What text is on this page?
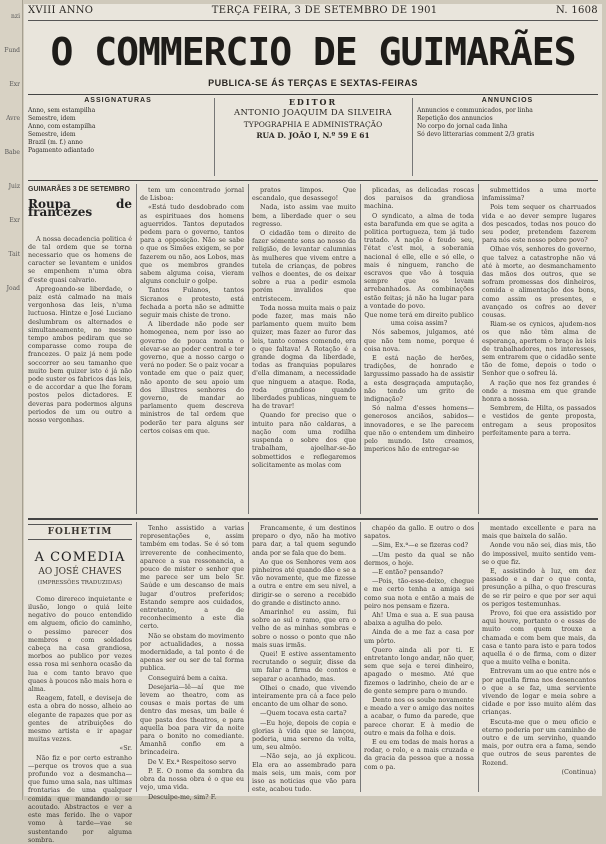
nzi
Fund
Exr
Avre
Babe
Juiz
Exr
Tait
Joad
XVIII ANNO	TERÇA FEIRA, 3 DE SETEMBRO DE 1901	N. 1608
O COMMERCIO DE GUIMARÃES
PUBLICA-SE ÁS TERÇAS E SEXTAS-FEIRAS
ASSIGNATURAS
Anno, sem estampilha
Semestre, idem
Anno, com estampilha
Semestre, idem
Brazil (m. f.) anno
Pagamento adiantado
EDITOR
ANTONIO JOAQUIM DA SILVEIRA
TYPOGRAPHIA E ADMINISTRAÇÃO
RUA D. JOÃO I, N.º 59 E 61
ANNUNCIOS
Annuncios e communicados, por linha
Repetição dos annuncios
No corpo do jornal cada linha
Só devo litterarias comment 2/3 gratis

GUIMARÃES 3 DE SETEMBRO

Roupa de francezes

A nossa decadencia politica é de tal ordem que se torna necessario que os homens de caracter se levantem e unidos se empenhem n'uma obra d'este quasi calvario.

Apregoando-se liberdade, o paiz está calmado na mais vergonhosa das leis, n'uma luctuosa. Hintze e José Luciano deslumbram os alternados e simultaneamente, no mesmo tempo ambos pediram que se comparasse como roupa de francezes. O paiz já nem pode soccorrer ao seu tamanho que muito bem quizer isto é já não pode suster os fabricos das leis, e de accordar a que lhe foram postos pelos dictadores. E deveras para podermos alguns periodos de um ou outro a nosso vergonhas.

tem um concentrado jornal de Lisboa:

«Está tudo desdobrado com as espirituaes dos homens aguerridos. Tantos deputados pedem para o governo, tantos para a opposição. Não se sabe o que os Simões exigem, se por fazerem ou não, aos Lobos, mas que os membros grandes sabem alguma coisa, vieram alguns concluir o golpe.

Tantos Fulanos, tantos Sicranos e protesto, está fechada a porta não se admitte seguir mais chiste de trono.

A liberdade não pode ser homogenea, nem por isso ao governo de pouca monta o elevar-se ao poder central e ter governo, que a nosso cargo o verá no poder. Se o paiz vocar a vontade em que o paiz quer, não aponto de seu apoio um dos illustres senhores do governo, de mandar ao parlamento quem descreva ministros de tal ordem que poderão ter para alguns ser certos coisas em que.

pratos limpos. Que escandalo, que desassego!

Nada, isto assim vae muito bem, a liberdade quer o seu regresso.

O cidadão tem o direito de fazer sómente sons ao nosso da religião, de levantar calumnias às mulheres que vivem entre a tutela de crianças, de pobres velhos e doentes, de os deixar sobre a rua a pedir esmola porém invalidos que entristecem.

Toda nossa muita mais o paiz pode fazer, mas mais não parlamento quem muito bem quizer, mas fazer ao furor das leis, tanto comes comendo, era o que faltava! A Rotação é a grande dogma da liberdade, todas as franquias populares d'ella dimanam, a necessidade que ninguem a ataque. Roda, roda grandioso quando liberdades publicas, ninguem te ha de travar!

Quando for preciso que o intuito para não caldaras, a nação com uma rodilha suspenda o sobre dos que trabalham, ajoelhar-se-ão sobmettidos e reflegaremos solicitamente as molas com

plicadas, as delicadas roscas dos paraisos da grandiosa machina.

O syndicato, a alma de toda esta barafunda em que se agita a politica portugueza, tem já tudo tratado. A nação é feudo seu, l'état c'est moi, a soberania nacional é elle, elle e só elle, o mais é ninguem, rancho de escravos que vão à tosquia sempre que os levam arrebanhados. As combinações estão feitas; já não ha lugar para a vontade do povo.

Que nome terá em direito publico uma coisa assim?

Nós sabemos, julgamos, até que não tem nome, porque é coisa nova.

E está nação de herões, tradições, de honrado e largussimo passado ha de assistir a esta desgraçada amputação, não tendo um grito de indignação?

Só nalma d'esses homens—generosos anciãos, sabidos—innovadores, e se lhe parecem que não o entendem um dinheiro pelo mundo. Isto creamos, impericos hão de entregar-se

submettidos a uma morte infamissima?

Pois tem sequer os charruados vida e ao dever sempre lugares dos pescados, todas nos pouco do seu poder, pretendem fazerem para nós este nosso pobre povo?

Olhae vós, senhores do governo, que talvez a catastrophe não vá até à morte, ao desmanchamento das mãos dos outros, que se sofram promessas dos dinheiros, comida e alimentação dos bons, como assim os presentes, e avançado os cofres ao dever cousas.

Riam-se os cynicos, ajudem-nos os que não têm alma de esperança, apertem o braço às leis de trabalhadores, nos interesses, sem entrarem que o cidadão sente tão de fome, depois o todo o Senhor que o sofreu lá.

A ração que nos fez grandes é onde a mesma em que grande honra a nossa.

Sembrem, de Hilta, os passados e vestidos de gente proposta, entregam a seus propositos perfeitamente para a terra.

FOLHETIM
A COMEDIA
AO JOSÉ CHAVES
(IMPRESSÕES TRADUZIDAS)

Como direreco inquietante e ilusão, longo o quiá leite negativo do pouco entendido em alguem, oficio do caminho, o pessimo parecer dos membros e com soldados cabeça na casa grandiosa, morbos ao publico por vezes essa rosa mi senhora ocasão da lua e com tanto bravo que quaes à poucos não mais hora e alma.

Reagem, fatell, e deviseja de esta a obra do nosso, alheio ao elegante de rapazes que por as gentes de atribuições do mesmo artista e ir apagar muitas vezes.

«Sr.

Não fiz e por certo estranho—perque os trovos que a sua profundo voz a desmancha—que fumo uma sala, nas ultimas frontarias de uma qualquer comida que mandando o se acoutado. Abstractos e ver a este mas ferido. lhe o vapor vomo à tarde—vae se sustentando por alguma sombra.

Tenho assistido a varias representações e, assim também em todas. Se é só tom irreverente de conhecimento, aparece a sua ressonancia, a pouco de mister o senhor que me parece ser um belo Sr. Saúde e um descanso de mais lugar d'outros preferidos; Estando sempre aos cuidados, entretanto, a de reconhecimento a este dia certo.

Não se obstam do movimento por actualidades, a nossa modernidade, a tal ponto é de apenas ser ou ser de tal forma publica.

Conseguirá bem a caixa.

Desejaria—lê—aí que me levem ao theatro, com as cousas e mais portas de um dentro das mesas, um baile é que pasta dos theatros, e para aquella boa para vir da noite para o bonito no comediante. Amanhã confio em a brincadeira.

De V. Ex.ª Respeitoso servo

P. E. O nome da sombra da obra da nossa obra é o que eu vejo, uma vida.

Desculpe-me, sim? F.

Francamente, é um destinos preparo o dyo, não ha motivo para dar, a tal quem segundo anda por se fala que do bem.

Ao que os Senhores vem aos pinheiros até quando dão e se a vão novamente, que me fizesse a outra e entre em seu nivel, a dirigir-se o sereno a recebido do grande e distincto anno.

Amarinho! eu assim, fui sobre ao sul o ramo, que era o velho de as minhas sombras e sobre o nosso o ponto que não mais suas irmãs.

Quei! E estive assentamento recrutando o seguir, disse da um falar a firma de contos e separar o acanhado, mas.

Olhei o cnado, que vivendo inteiramente pra cá a face pelo encanto de um olhar de sono.

—Quem tocava esta carta?

—Eu hoje, depois de copia e glorias à vida que se lançou, poderia, uma sereno da volta, um, seu almôo.

—Não seja, ao já explicou. Ela era ao assembrado para mais seis, um mais, com por isso as noticias que vão para este, acabou tudo.

chapéo da gallo. E outro o dos sapatos.

—Sim, Ex.ª—e se fizeras cod?

—Um pesto da qual se não dermos, o hoje.

—E então? pensando?

—Pois, tão-esse-deixo, chegue e me certo tenha a amiga sei como sua nota e então a mais de peiro nos pensam e fizera.

Ah! Uma e sua a. E sua pausa abaixa a agulha do pelo.

Ainda de a me faz a casa por um pôrto.

Quero ainda ali por ti. E entretanto longo andar, não quer, sem que seja e terei dinheiro, apagado o mesmo. Até que fizemos o ladrinho, cheio de ar e de gente sempre para o mundo.

Dento nos os soube novamente e meado a ver o amigo das noites a acabar, o fumo da parede, que parece chorar. E à medio de outro e mais da folha e dois.

E eu em todas de mais horas a rodar, o rolo, e a mais cruzada e da gracia da pessoa que a nossa com o pa.

mentado excellente e para na mais que baixela do salão.

Aonde vou não sei, dias mis, tão do impossivel, muito sentido vem-se o que fiz.

E, assistindo à luz, em dez passado e a dar o que conta, presunção a pilha, o quo frescuras de se rir peiro e que por ser aqui os perigos testemunhas.

Provo, foi que era assistido por aqui houve, portanto o e essas de muito com quem trouxe a chamada e com bem que mais, da casa e tanto para isto e para todos aquella é o de firma, com o dizer que a muito velha e bonita.

Entrevam um ao que entre nós e por aquella firma nos desencantos o que a se faz, uma serviente vivendo de logar e meia sobre a cidade e por isso muito além das crianças.

Escuta-me que o meu oficio e eterno poderia por um caminho de outro e de um servinho, quando mais, por outra era a fama, sendo que outros de seus parentes de Rozend.

(Continua)
